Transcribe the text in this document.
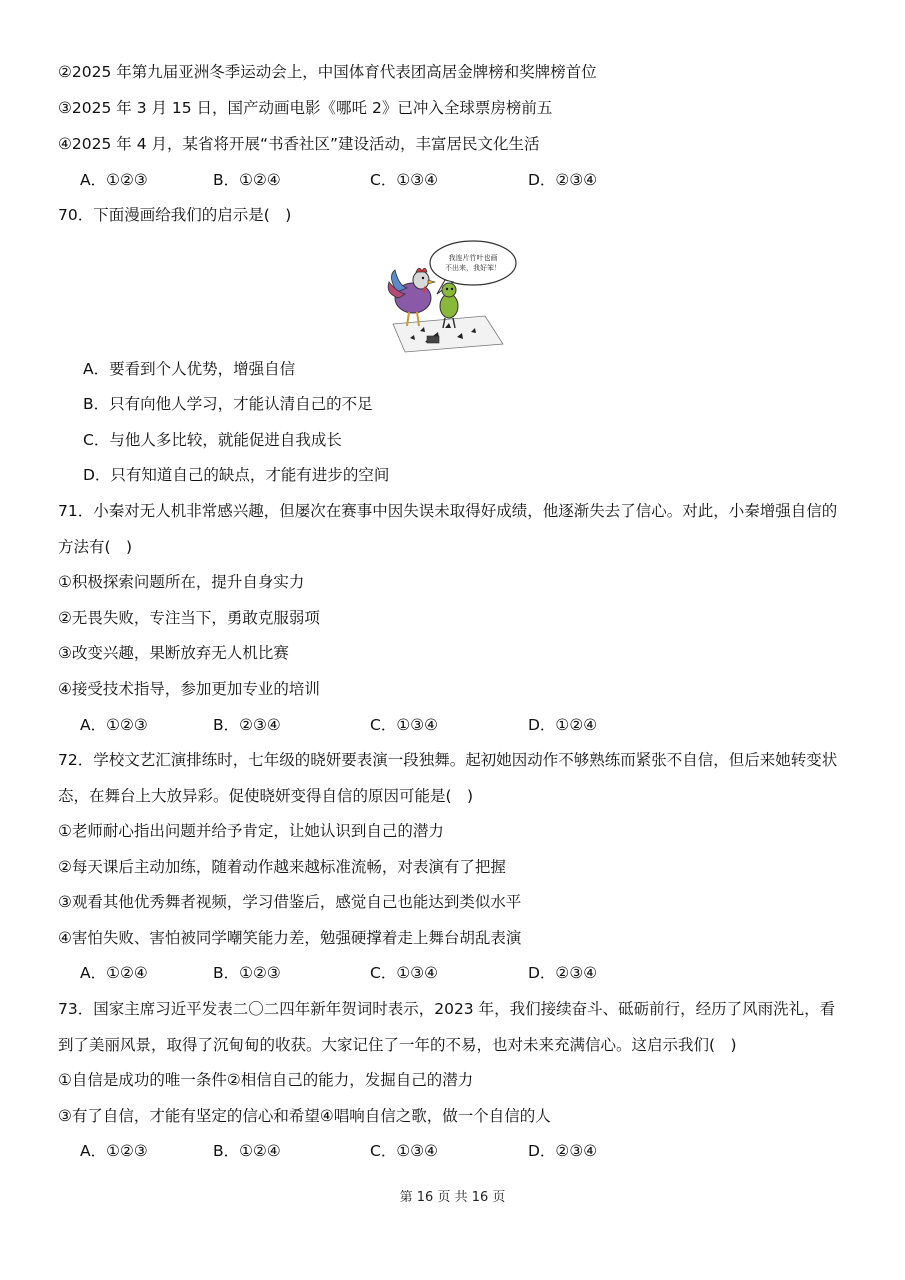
②2025 年第九届亚洲冬季运动会上，中国体育代表团高居金牌榜和奖牌榜首位
③2025 年 3 月 15 日，国产动画电影《哪吒 2》已冲入全球票房榜前五
④2025 年 4 月，某省将开展“书香社区”建设活动，丰富居民文化生活
A．①②③	B．①②④	C．①③④	D．②③④
70．下面漫画给我们的启示是(　)
我连片竹叶也画
不出来，我好笨！
A．要看到个人优势，增强自信
B．只有向他人学习，才能认清自己的不足
C．与他人多比较，就能促进自我成长
D．只有知道自己的缺点，才能有进步的空间
71．小秦对无人机非常感兴趣，但屡次在赛事中因失误未取得好成绩，他逐渐失去了信心。对此，小秦增强自信的
方法有(　)
①积极探索问题所在，提升自身实力
②无畏失败，专注当下，勇敢克服弱项
③改变兴趣，果断放弃无人机比赛
④接受技术指导，参加更加专业的培训
A．①②③	B．②③④	C．①③④	D．①②④
72．学校文艺汇演排练时，七年级的晓妍要表演一段独舞。起初她因动作不够熟练而紧张不自信，但后来她转变状
态，在舞台上大放异彩。促使晓妍变得自信的原因可能是(　)
①老师耐心指出问题并给予肯定，让她认识到自己的潜力
②每天课后主动加练，随着动作越来越标准流畅，对表演有了把握
③观看其他优秀舞者视频，学习借鉴后，感觉自己也能达到类似水平
④害怕失败、害怕被同学嘲笑能力差，勉强硬撑着走上舞台胡乱表演
A．①②④	B．①②③	C．①③④	D．②③④
73．国家主席习近平发表二〇二四年新年贺词时表示，2023 年，我们接续奋斗、砥砺前行，经历了风雨洗礼，看
到了美丽风景，取得了沉甸甸的收获。大家记住了一年的不易，也对未来充满信心。这启示我们(　)
①自信是成功的唯一条件②相信自己的能力，发掘自己的潜力
③有了自信，才能有坚定的信心和希望④唱响自信之歌，做一个自信的人
A．①②③	B．①②④	C．①③④	D．②③④
第 16 页 共 16 页
